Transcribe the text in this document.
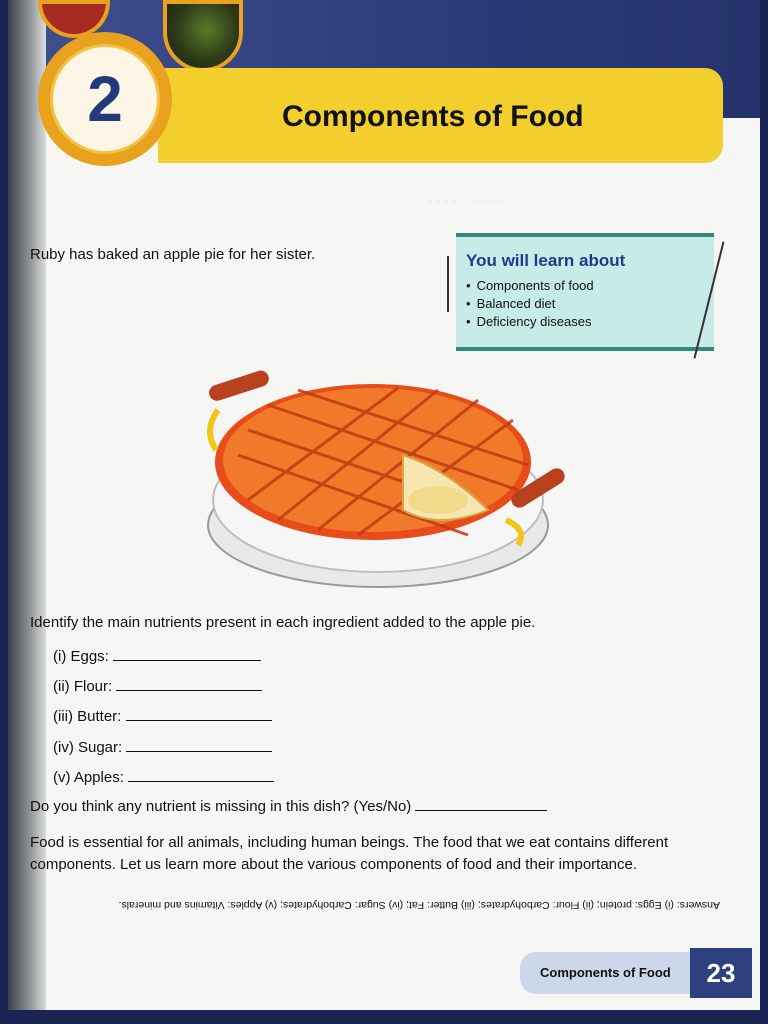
· · · · · · · · · ·
2	Components of Food
Ruby has baked an apple pie for her sister.	You will learn about
• Components of food
• Balanced diet
• Deficiency diseases
Identify the main nutrients present in each ingredient added to the apple pie.
(i) Eggs:
(ii) Flour:
(iii) Butter:
(iv) Sugar:
(v) Apples:
Do you think any nutrient is missing in this dish? (Yes/No)
Food is essential for all animals, including human beings. The food that we eat contains different components. Let us learn more about the various components of food and their importance.
Answers: (i) Eggs: protein; (ii) Flour: Carbohydrates; (iii) Butter: Fat; (iv) Sugar: Carbohydrates; (v) Apples: Vitamins and minerals.
Components of Food	23
